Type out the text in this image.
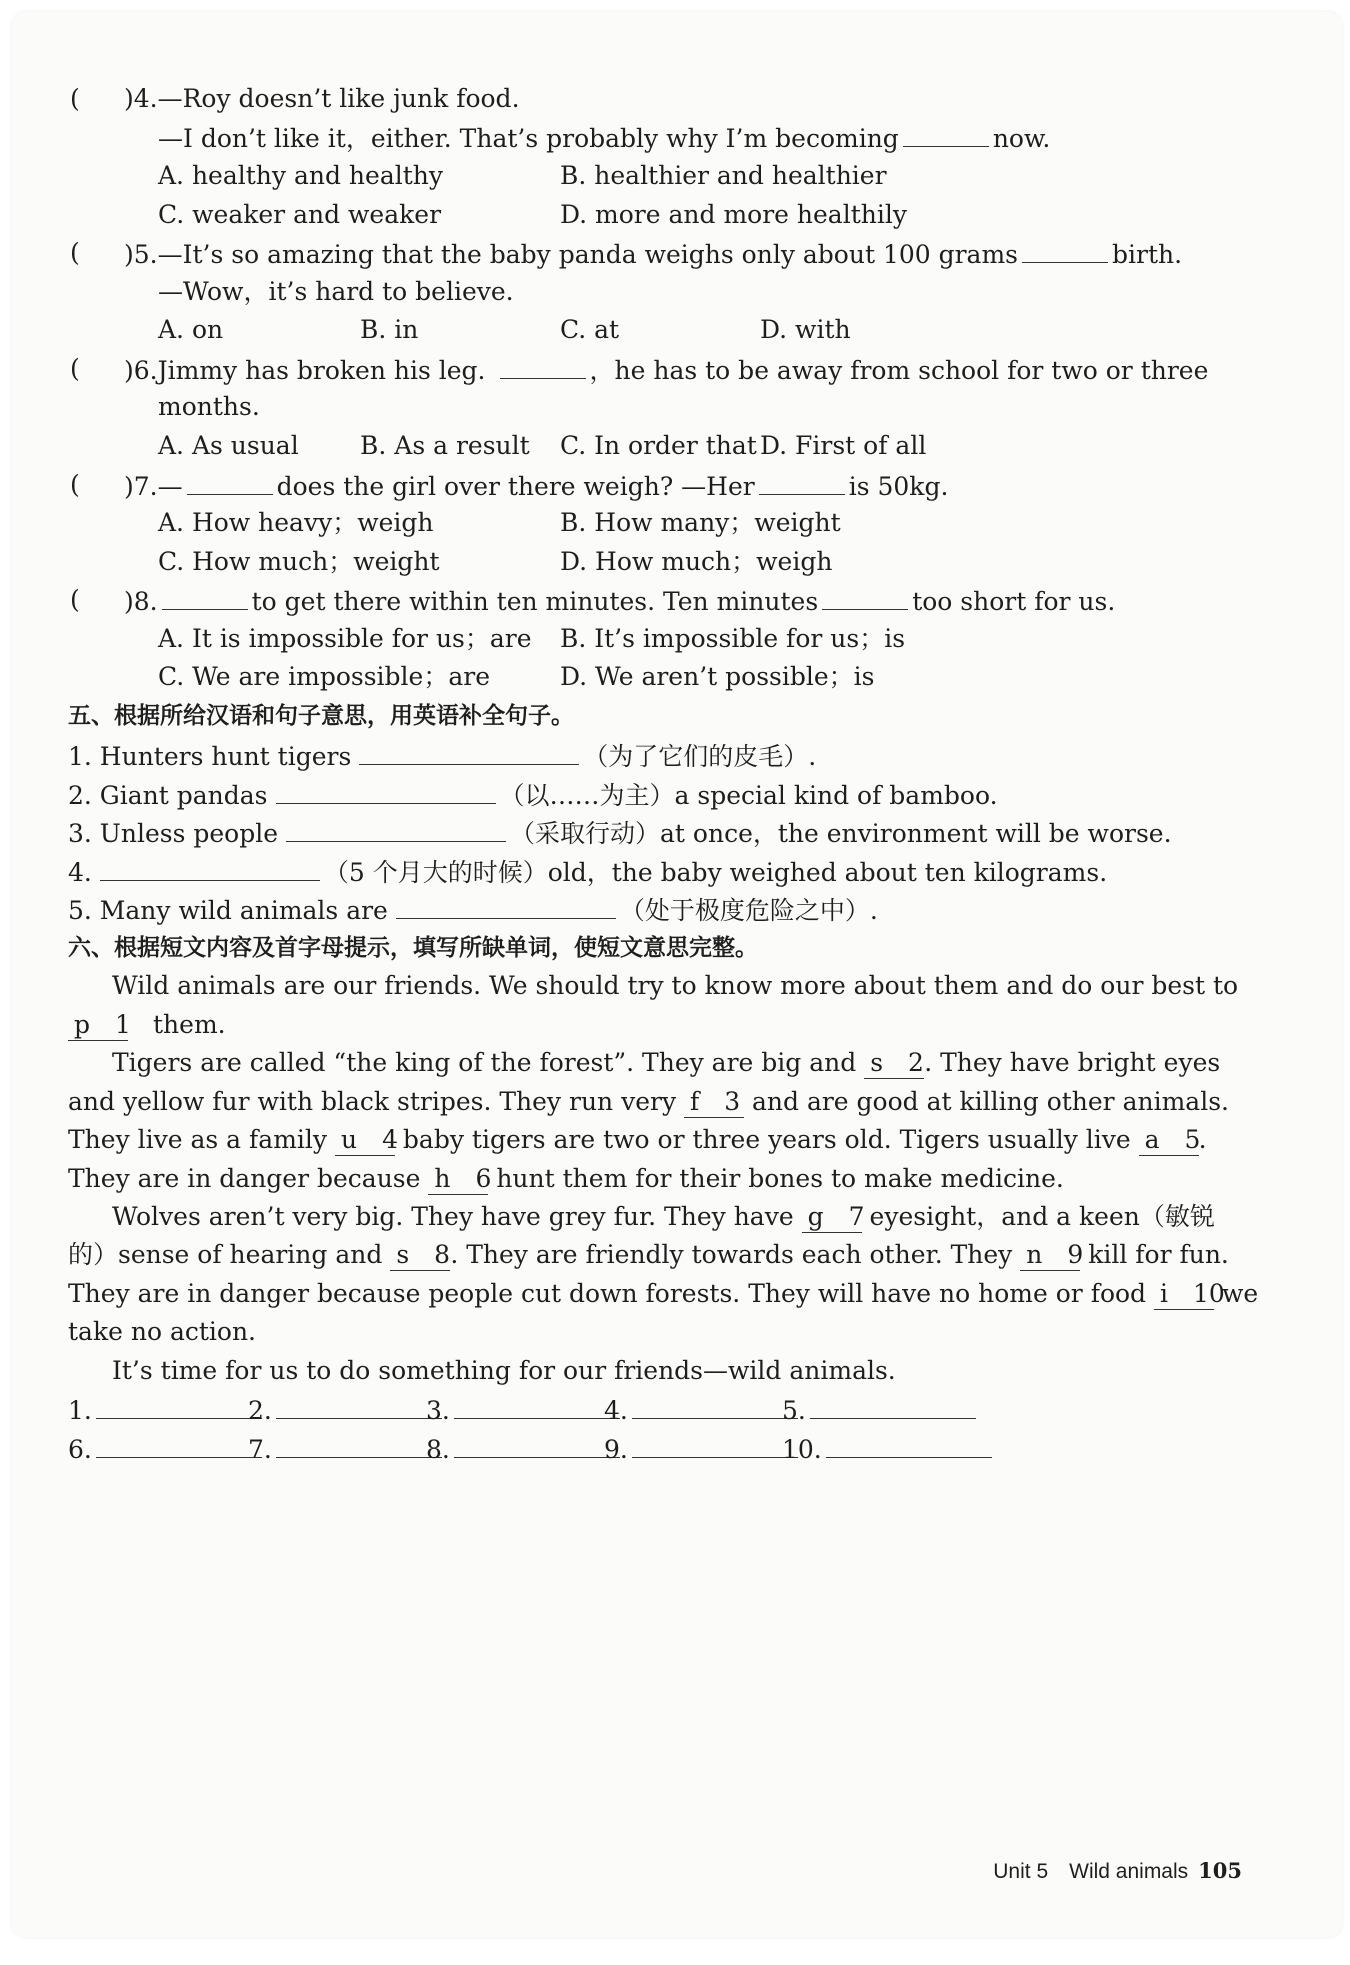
( )4.—Roy doesn’t like junk food.
—I don’t like it，either. That’s probably why I’m becoming	now.
A. healthy and healthy	B. healthier and healthier
C. weaker and weaker	D. more and more healthily
( )5.—It’s so amazing that the baby panda weighs only about 100 grams	birth.
—Wow，it’s hard to believe.
A. on	B. in	C. at	D. with
( )6.Jimmy has broken his leg.	，he has to be away from school for two or three
months.
A. As usual B. As a result C. In order that D. First of all
( )7.—	does the girl over there weigh? —Her	is 50kg.
A. How heavy；weigh	B. How many；weight
C. How much；weight	D. How much；weigh
( )8.	to get there within ten minutes. Ten minutes	too short for us.
A. It is impossible for us；are B. It’s impossible for us；is
C. We are impossible；are	D. We aren’t possible；is
五、根据所给汉语和句子意思，用英语补全句子。
1. Hunters hunt tigers	（为了它们的皮毛）.
2. Giant pandas	（以……为主）a special kind of bamboo.
3. Unless people	（采取行动）at once，the environment will be worse.
4.	（5 个月大的时候）old，the baby weighed about ten kilograms.
5. Many wild animals are	（处于极度危险之中）.
六、根据短文内容及首字母提示，填写所缺单词，使短文意思完整。
Wild animals are our friends. We should try to know more about them and do our best to
p　1　 them.
Tigers are called “the king of the forest”. They are big and s　2. They have bright eyes
and yellow fur with black stripes. They run very f　3 and are good at killing other animals.
They live as a family u　4 baby tigers are two or three years old. Tigers usually live a　5.
They are in danger because h　6 hunt them for their bones to make medicine.
Wolves aren’t very big. They have grey fur. They have g　7 eyesight，and a keen（敏锐
的）sense of hearing and s　8. They are friendly towards each other. They n　9 kill for fun.
They are in danger because people cut down forests. They will have no home or food i　10 we
take no action.
It’s time for us to do something for our friends—wild animals.
1.	2.	3.	4.	5.
6.	7.	8.	9.	10.
Unit 5　Wild animals 105
